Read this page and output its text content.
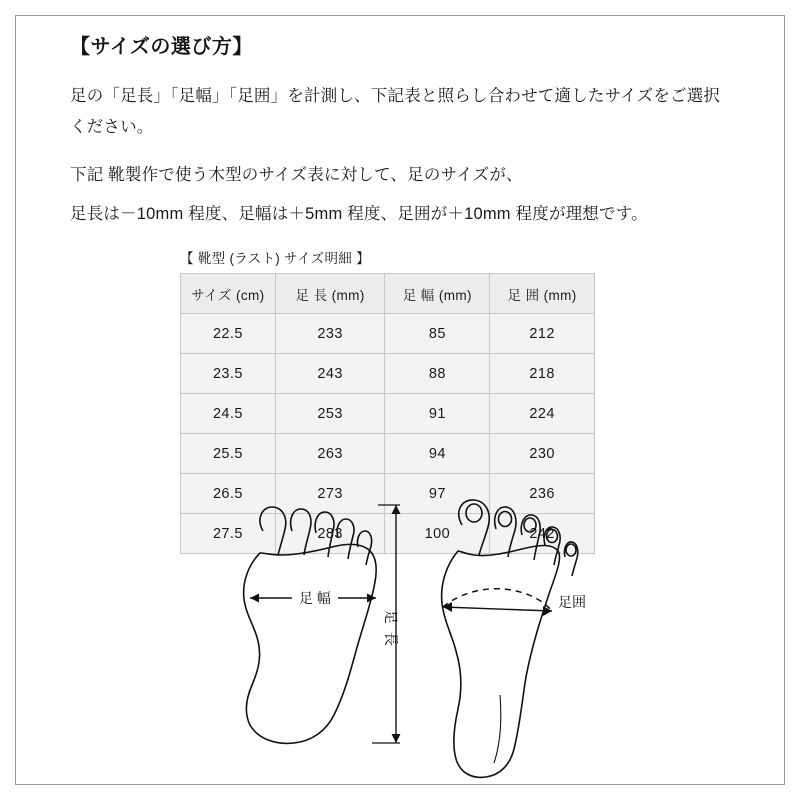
【サイズの選び方】

足の「足長」「足幅」「足囲」を計測し、下記表と照らし合わせて適したサイズをご選択ください。

下記 靴製作で使う木型のサイズ表に対して、足のサイズが、

足長は－10mm 程度、足幅は＋5mm 程度、足囲が＋10mm 程度が理想です。

【 靴型 (ラスト) サイズ明細 】
サイズ (cm)	足 長 (mm)	足 幅 (mm)	足 囲 (mm)
22.5	233	85	212
23.5	243	88	218
24.5	253	91	224
25.5	263	94	230
26.5	273	97	236
27.5	283	100	242
足 幅
足 長
足囲
